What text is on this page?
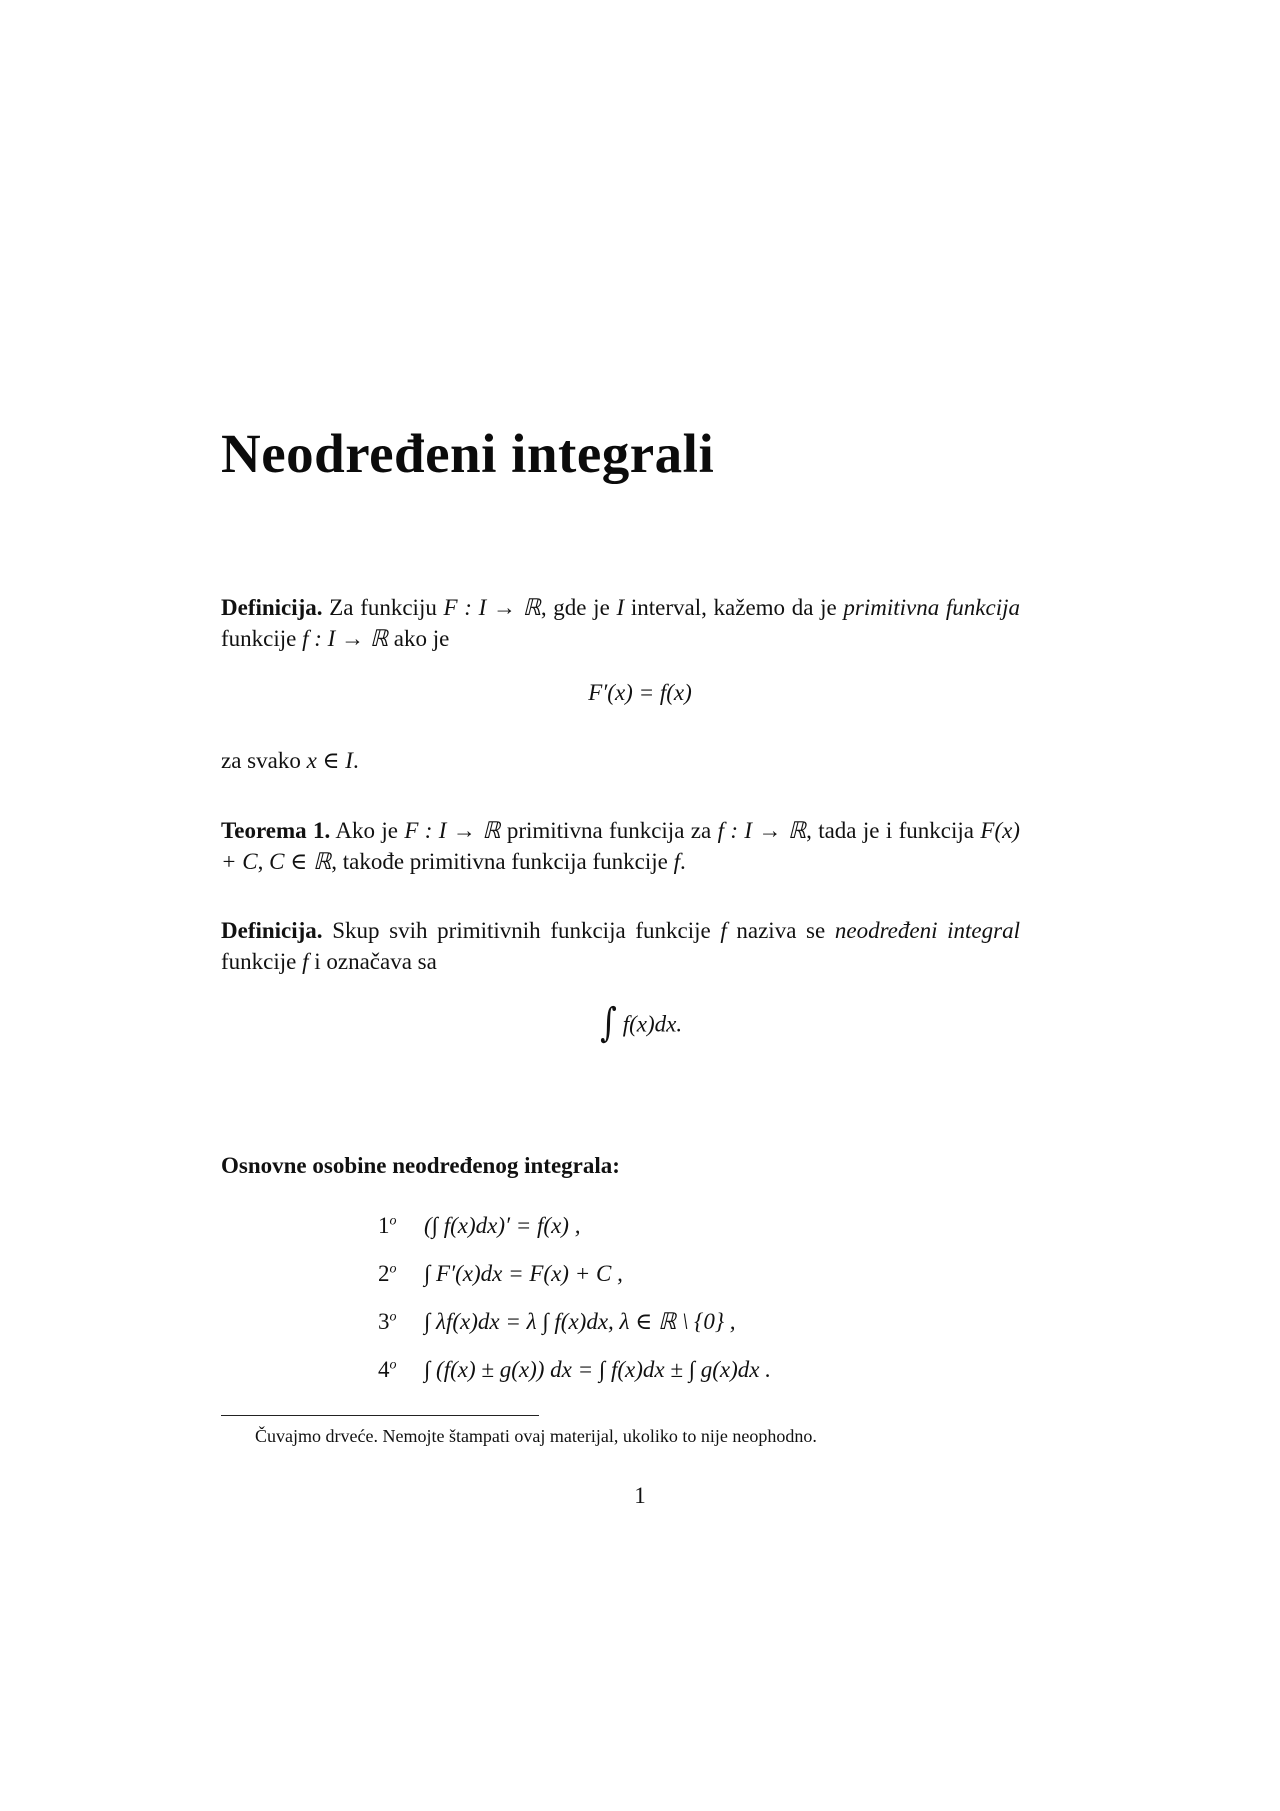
Neodređeni integrali

Definicija. Za funkciju F : I → ℝ, gde je I interval, kažemo da je primitivna funkcija funkcije f : I → ℝ ako je

F′(x) = f(x)

za svako x ∈ I.

Teorema 1. Ako je F : I → ℝ primitivna funkcija za f : I → ℝ, tada je i funkcija F(x) + C, C ∈ ℝ, takođe primitivna funkcija funkcije f.

Definicija. Skup svih primitivnih funkcija funkcije f naziva se neodređeni integral funkcije f i označava sa

∫ f(x)dx.
Osnovne osobine neodređenog integrala:
1$^o$	(∫ f(x)dx)′ = f(x) ,
2$^o$	∫ F′(x)dx = F(x) + C ,
3$^o$	∫ λf(x)dx = λ ∫ f(x)dx, λ ∈ ℝ \ {0} ,
4$^o$	∫ (f(x) ± g(x)) dx = ∫ f(x)dx ± ∫ g(x)dx .
Čuvajmo drveće. Nemojte štampati ovaj materijal, ukoliko to nije neophodno.
1
